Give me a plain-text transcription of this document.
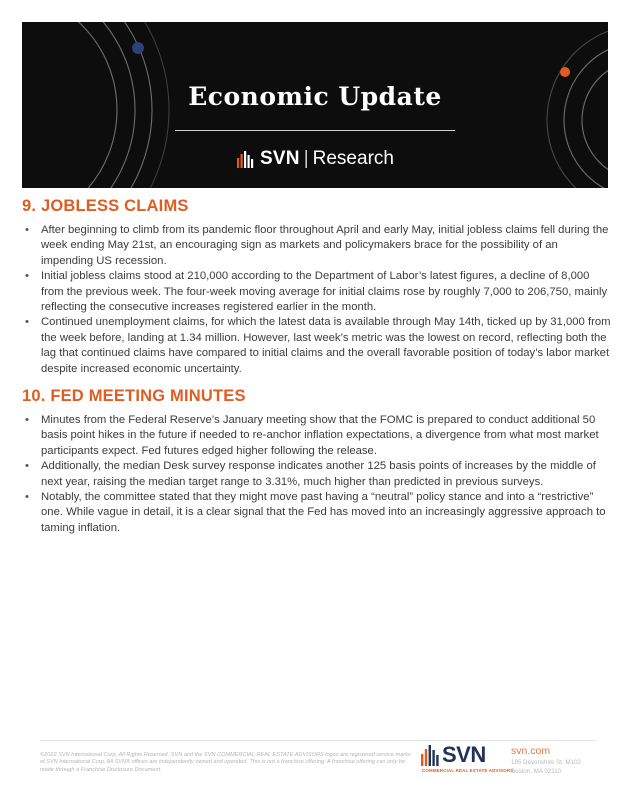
Economic Update
SVN | Research
9. JOBLESS CLAIMS
• After beginning to climb from its pandemic floor throughout April and early May, initial jobless claims fell during the week ending May 21st, an encouraging sign as markets and policymakers brace for the possibility of an impending US recession.
• Initial jobless claims stood at 210,000 according to the Department of Labor’s latest figures, a decline of 8,000 from the previous week. The four-week moving average for initial claims rose by roughly 7,000 to 206,750, mainly reflecting the consecutive increases registered earlier in the month.
• Continued unemployment claims, for which the latest data is available through May 14th, ticked up by 31,000 from the week before, landing at 1.34 million. However, last week’s metric was the lowest on record, reflecting both the lag that continued claims have compared to initial claims and the overall favorable position of today’s labor market despite increased economic uncertainty.
10. FED MEETING MINUTES
• Minutes from the Federal Reserve’s January meeting show that the FOMC is prepared to conduct additional 50 basis point hikes in the future if needed to re-anchor inflation expectations, a divergence from what most market participants expect. Fed futures edged higher following the release.
• Additionally, the median Desk survey response indicates another 125 basis points of increases by the middle of next year, raising the median target range to 3.31%, much higher than predicted in previous surveys.
• Notably, the committee stated that they might move past having a “neutral” policy stance and into a “restrictive” one. While vague in detail, it is a clear signal that the Fed has moved into an increasingly aggressive approach to taming inflation.
©2022 SVN International Corp. All Rights Reserved. SVN and the SVN COMMERCIAL REAL ESTATE ADVISORS logos are registered service marks of SVN International Corp. All SVN® offices are independently owned and operated. This is not a franchise offering. A franchise offering can only be made through a Franchise Disclosure Document.
SVN
COMMERCIAL REAL ESTATE ADVISORS
svn.com
185 Devonshire St. M102
Boston, MA 02110
